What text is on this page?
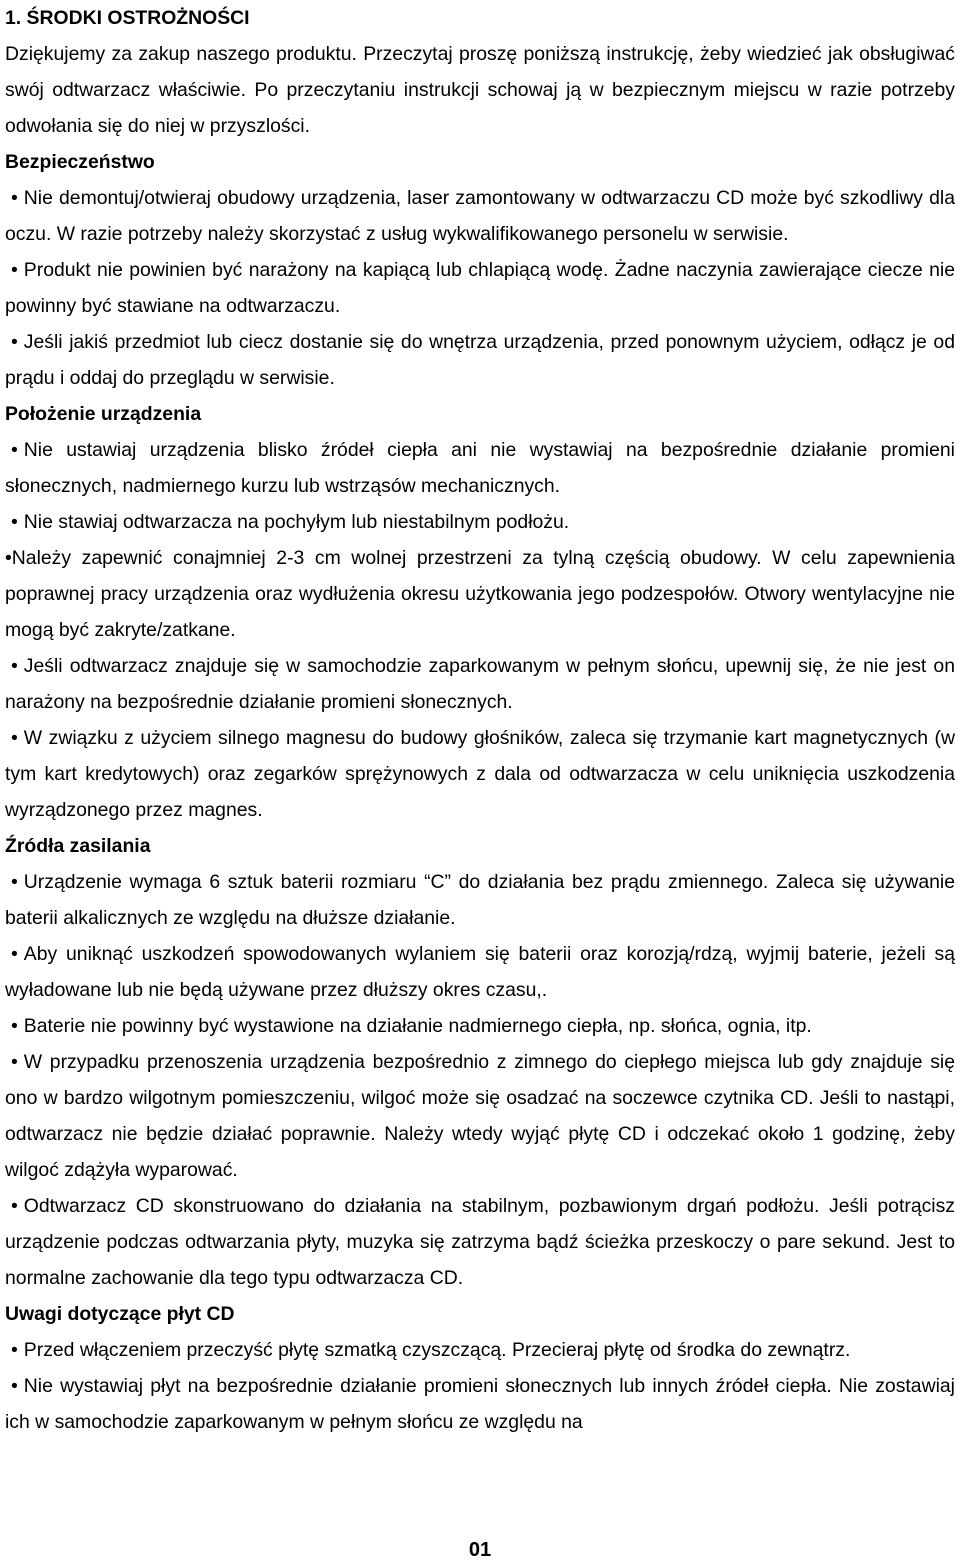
1. ŚRODKI OSTROŻNOŚCI
Dziękujemy za zakup naszego produktu. Przeczytaj proszę poniższą instrukcję, żeby wiedzieć jak obsługiwać swój odtwarzacz właściwie. Po przeczytaniu instrukcji schowaj ją w bezpiecznym miejscu w razie potrzeby odwołania się do niej w przyszlości.
Bezpieczeństwo
• Nie demontuj/otwieraj obudowy urządzenia, laser zamontowany w odtwarzaczu CD może być szkodliwy dla oczu. W razie potrzeby należy skorzystać z usług wykwalifikowanego personelu w serwisie.
• Produkt nie powinien być narażony na kapiącą lub chlapiącą wodę. Żadne naczynia zawierające ciecze nie powinny być stawiane na odtwarzaczu.
• Jeśli jakiś przedmiot lub ciecz dostanie się do wnętrza urządzenia, przed ponownym użyciem, odłącz je od prądu i oddaj do przeglądu w serwisie.
Położenie urządzenia
• Nie ustawiaj urządzenia blisko źródeł ciepła ani nie wystawiaj na bezpośrednie działanie promieni słonecznych, nadmiernego kurzu lub wstrząsów mechanicznych.
• Nie stawiaj odtwarzacza na pochyłym lub niestabilnym podłożu.
•Należy zapewnić conajmniej 2-3 cm wolnej przestrzeni za tylną częścią obudowy. W celu zapewnienia poprawnej pracy urządzenia oraz wydłużenia okresu użytkowania jego podzespołów. Otwory wentylacyjne nie mogą być zakryte/zatkane.
• Jeśli odtwarzacz znajduje się w samochodzie zaparkowanym w pełnym słońcu, upewnij się, że nie jest on narażony na bezpośrednie działanie promieni słonecznych.
• W związku z użyciem silnego magnesu do budowy głośników, zaleca się trzymanie kart magnetycznych (w tym kart kredytowych) oraz zegarków sprężynowych z dala od odtwarzacza w celu uniknięcia uszkodzenia wyrządzonego przez magnes.
Źródła zasilania
• Urządzenie wymaga 6 sztuk baterii rozmiaru “C” do działania bez prądu zmiennego. Zaleca się używanie baterii alkalicznych ze względu na dłuższe działanie.
• Aby uniknąć uszkodzeń spowodowanych wylaniem się baterii oraz korozją/rdzą, wyjmij baterie, jeżeli są wyładowane lub nie będą używane przez dłuższy okres czasu,.
• Baterie nie powinny być wystawione na działanie nadmiernego ciepła, np. słońca, ognia, itp.
• W przypadku przenoszenia urządzenia bezpośrednio z zimnego do ciepłego miejsca lub gdy znajduje się ono w bardzo wilgotnym pomieszczeniu, wilgoć może się osadzać na soczewce czytnika CD. Jeśli to nastąpi, odtwarzacz nie będzie działać poprawnie. Należy wtedy wyjąć płytę CD i odczekać około 1 godzinę, żeby wilgoć zdążyła wyparować.
• Odtwarzacz CD skonstruowano do działania na stabilnym, pozbawionym drgań podłożu. Jeśli potrącisz urządzenie podczas odtwarzania płyty, muzyka się zatrzyma bądź ścieżka przeskoczy o pare sekund. Jest to normalne zachowanie dla tego typu odtwarzacza CD.
Uwagi dotyczące płyt CD
• Przed włączeniem przeczyść płytę szmatką czyszczącą. Przecieraj płytę od środka do zewnątrz.
• Nie wystawiaj płyt na bezpośrednie działanie promieni słonecznych lub innych źródeł ciepła. Nie zostawiaj ich w samochodzie zaparkowanym w pełnym słońcu ze względu na
01
